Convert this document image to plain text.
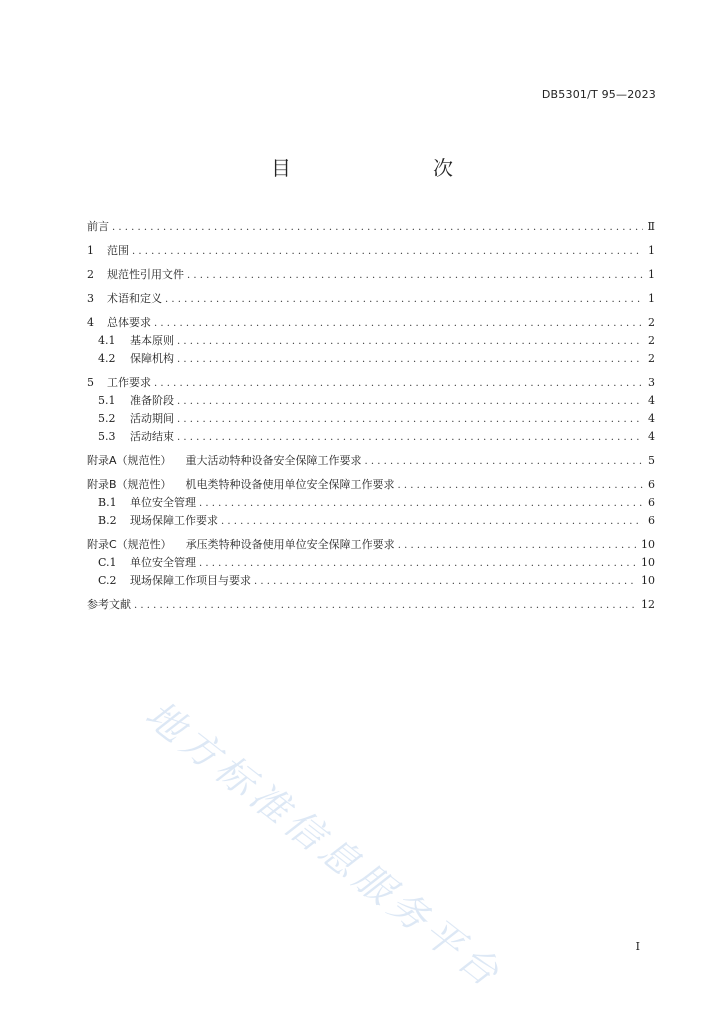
DB5301/T 95—2023
目　　次
前言 .....	Ⅱ
1	范围 .....	1
2	规范性引用文件 .....	1
3	术语和定义 .....	1
4	总体要求 .....	2
4.1	基本原则 .....	2
4.2	保障机构 .....	2
5	工作要求 .....	3
5.1	准备阶段 .....	4
5.2	活动期间 .....	4
5.3	活动结束 .....	4
附录A（规范性） 重大活动特种设备安全保障工作要求 .....	5
附录B（规范性） 机电类特种设备使用单位安全保障工作要求 .....	6
B.1	单位安全管理 .....	6
B.2	现场保障工作要求 .....	6
附录C（规范性） 承压类特种设备使用单位安全保障工作要求 .....	10
C.1	单位安全管理 .....	10
C.2	现场保障工作项目与要求 .....	10
参考文献 .....	12
地方标准信息服务平台	I
